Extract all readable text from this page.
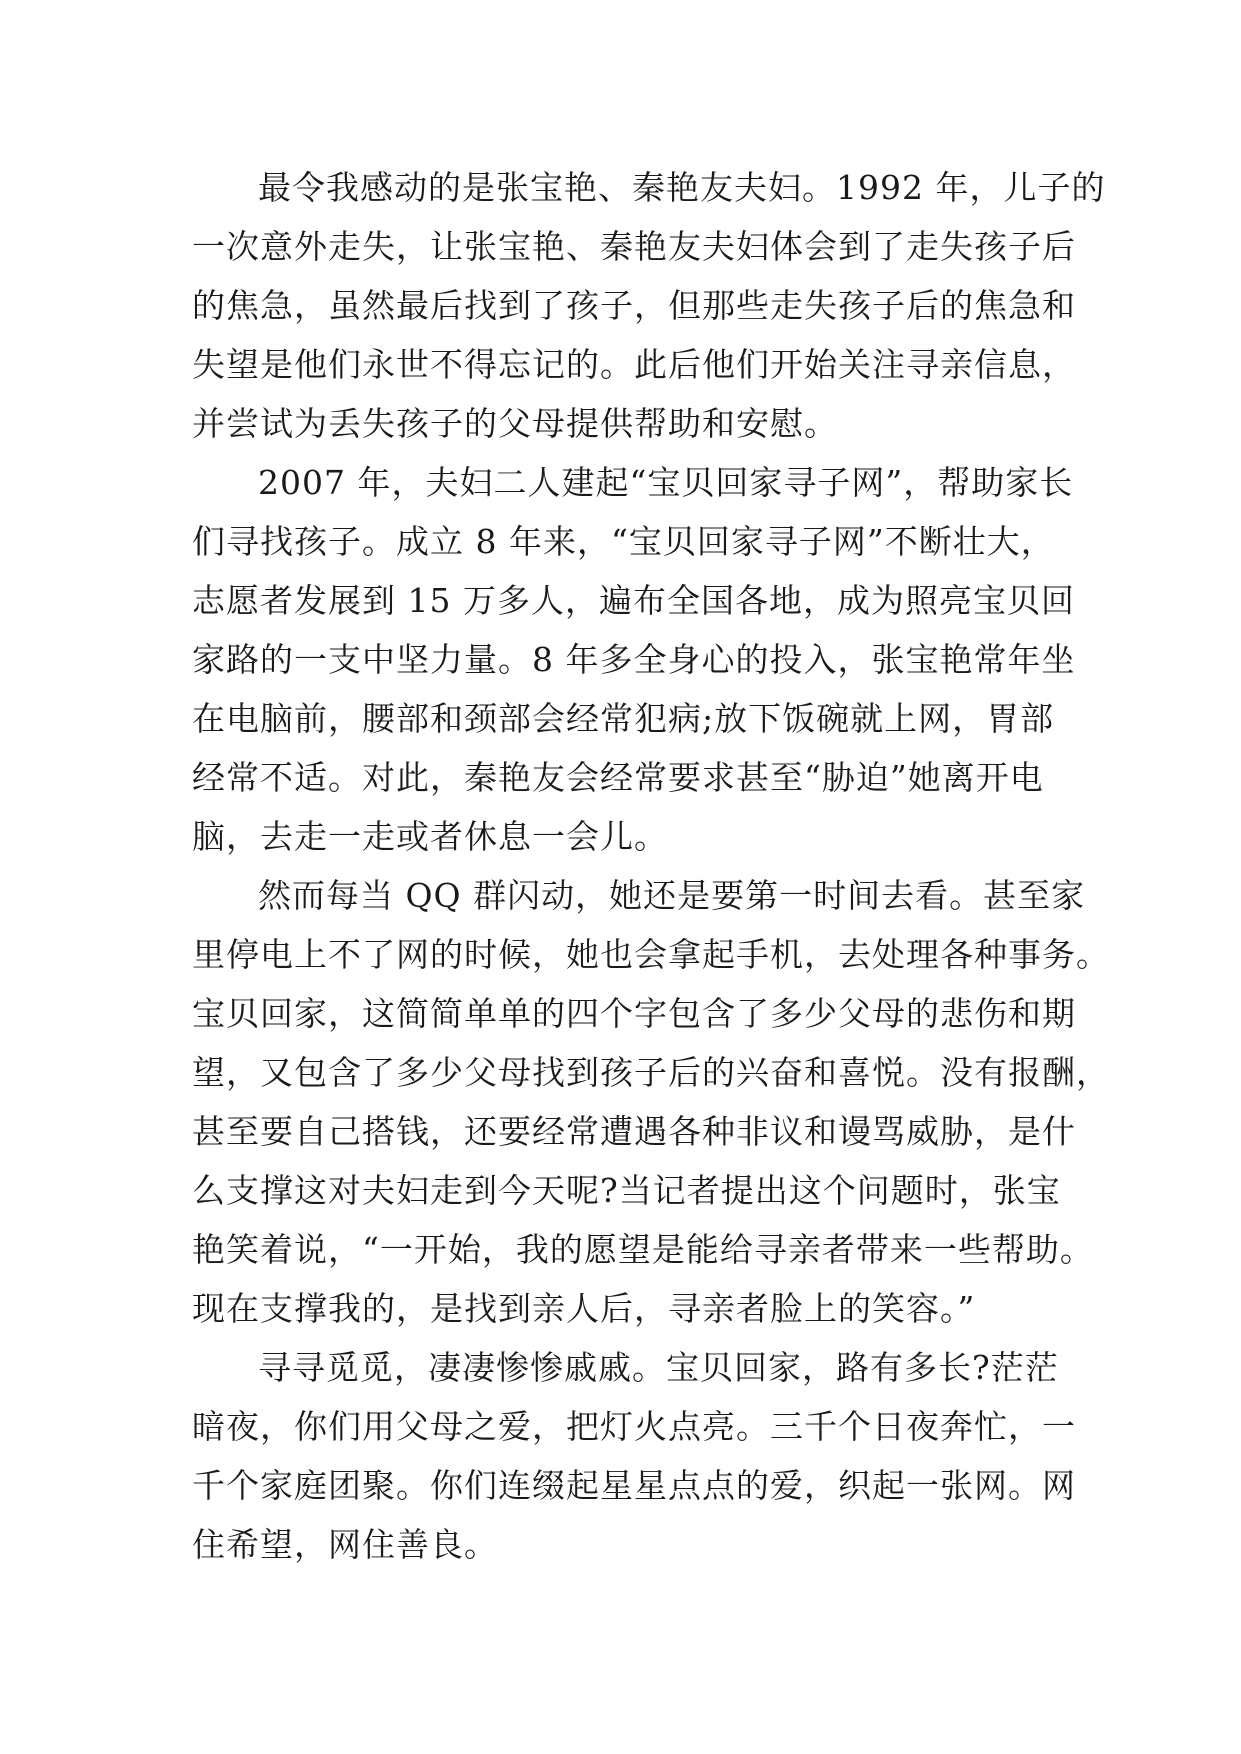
最令我感动的是张宝艳、秦艳友夫妇。1992 年，儿子的
一次意外走失，让张宝艳、秦艳友夫妇体会到了走失孩子后
的焦急，虽然最后找到了孩子，但那些走失孩子后的焦急和
失望是他们永世不得忘记的。此后他们开始关注寻亲信息，
并尝试为丢失孩子的父母提供帮助和安慰。

2007 年，夫妇二人建起“宝贝回家寻子网”，帮助家长
们寻找孩子。成立 8 年来，“宝贝回家寻子网”不断壮大，
志愿者发展到 15 万多人，遍布全国各地，成为照亮宝贝回
家路的一支中坚力量。8 年多全身心的投入，张宝艳常年坐
在电脑前，腰部和颈部会经常犯病;放下饭碗就上网，胃部
经常不适。对此，秦艳友会经常要求甚至“胁迫”她离开电
脑，去走一走或者休息一会儿。

然而每当 QQ 群闪动，她还是要第一时间去看。甚至家
里停电上不了网的时候，她也会拿起手机，去处理各种事务。
宝贝回家，这简简单单的四个字包含了多少父母的悲伤和期
望，又包含了多少父母找到孩子后的兴奋和喜悦。没有报酬，
甚至要自己搭钱，还要经常遭遇各种非议和谩骂威胁，是什
么支撑这对夫妇走到今天呢?当记者提出这个问题时，张宝
艳笑着说，“一开始，我的愿望是能给寻亲者带来一些帮助。
现在支撑我的，是找到亲人后，寻亲者脸上的笑容。”

寻寻觅觅，凄凄惨惨戚戚。宝贝回家，路有多长?茫茫
暗夜，你们用父母之爱，把灯火点亮。三千个日夜奔忙，一
千个家庭团聚。你们连缀起星星点点的爱，织起一张网。网
住希望，网住善良。
